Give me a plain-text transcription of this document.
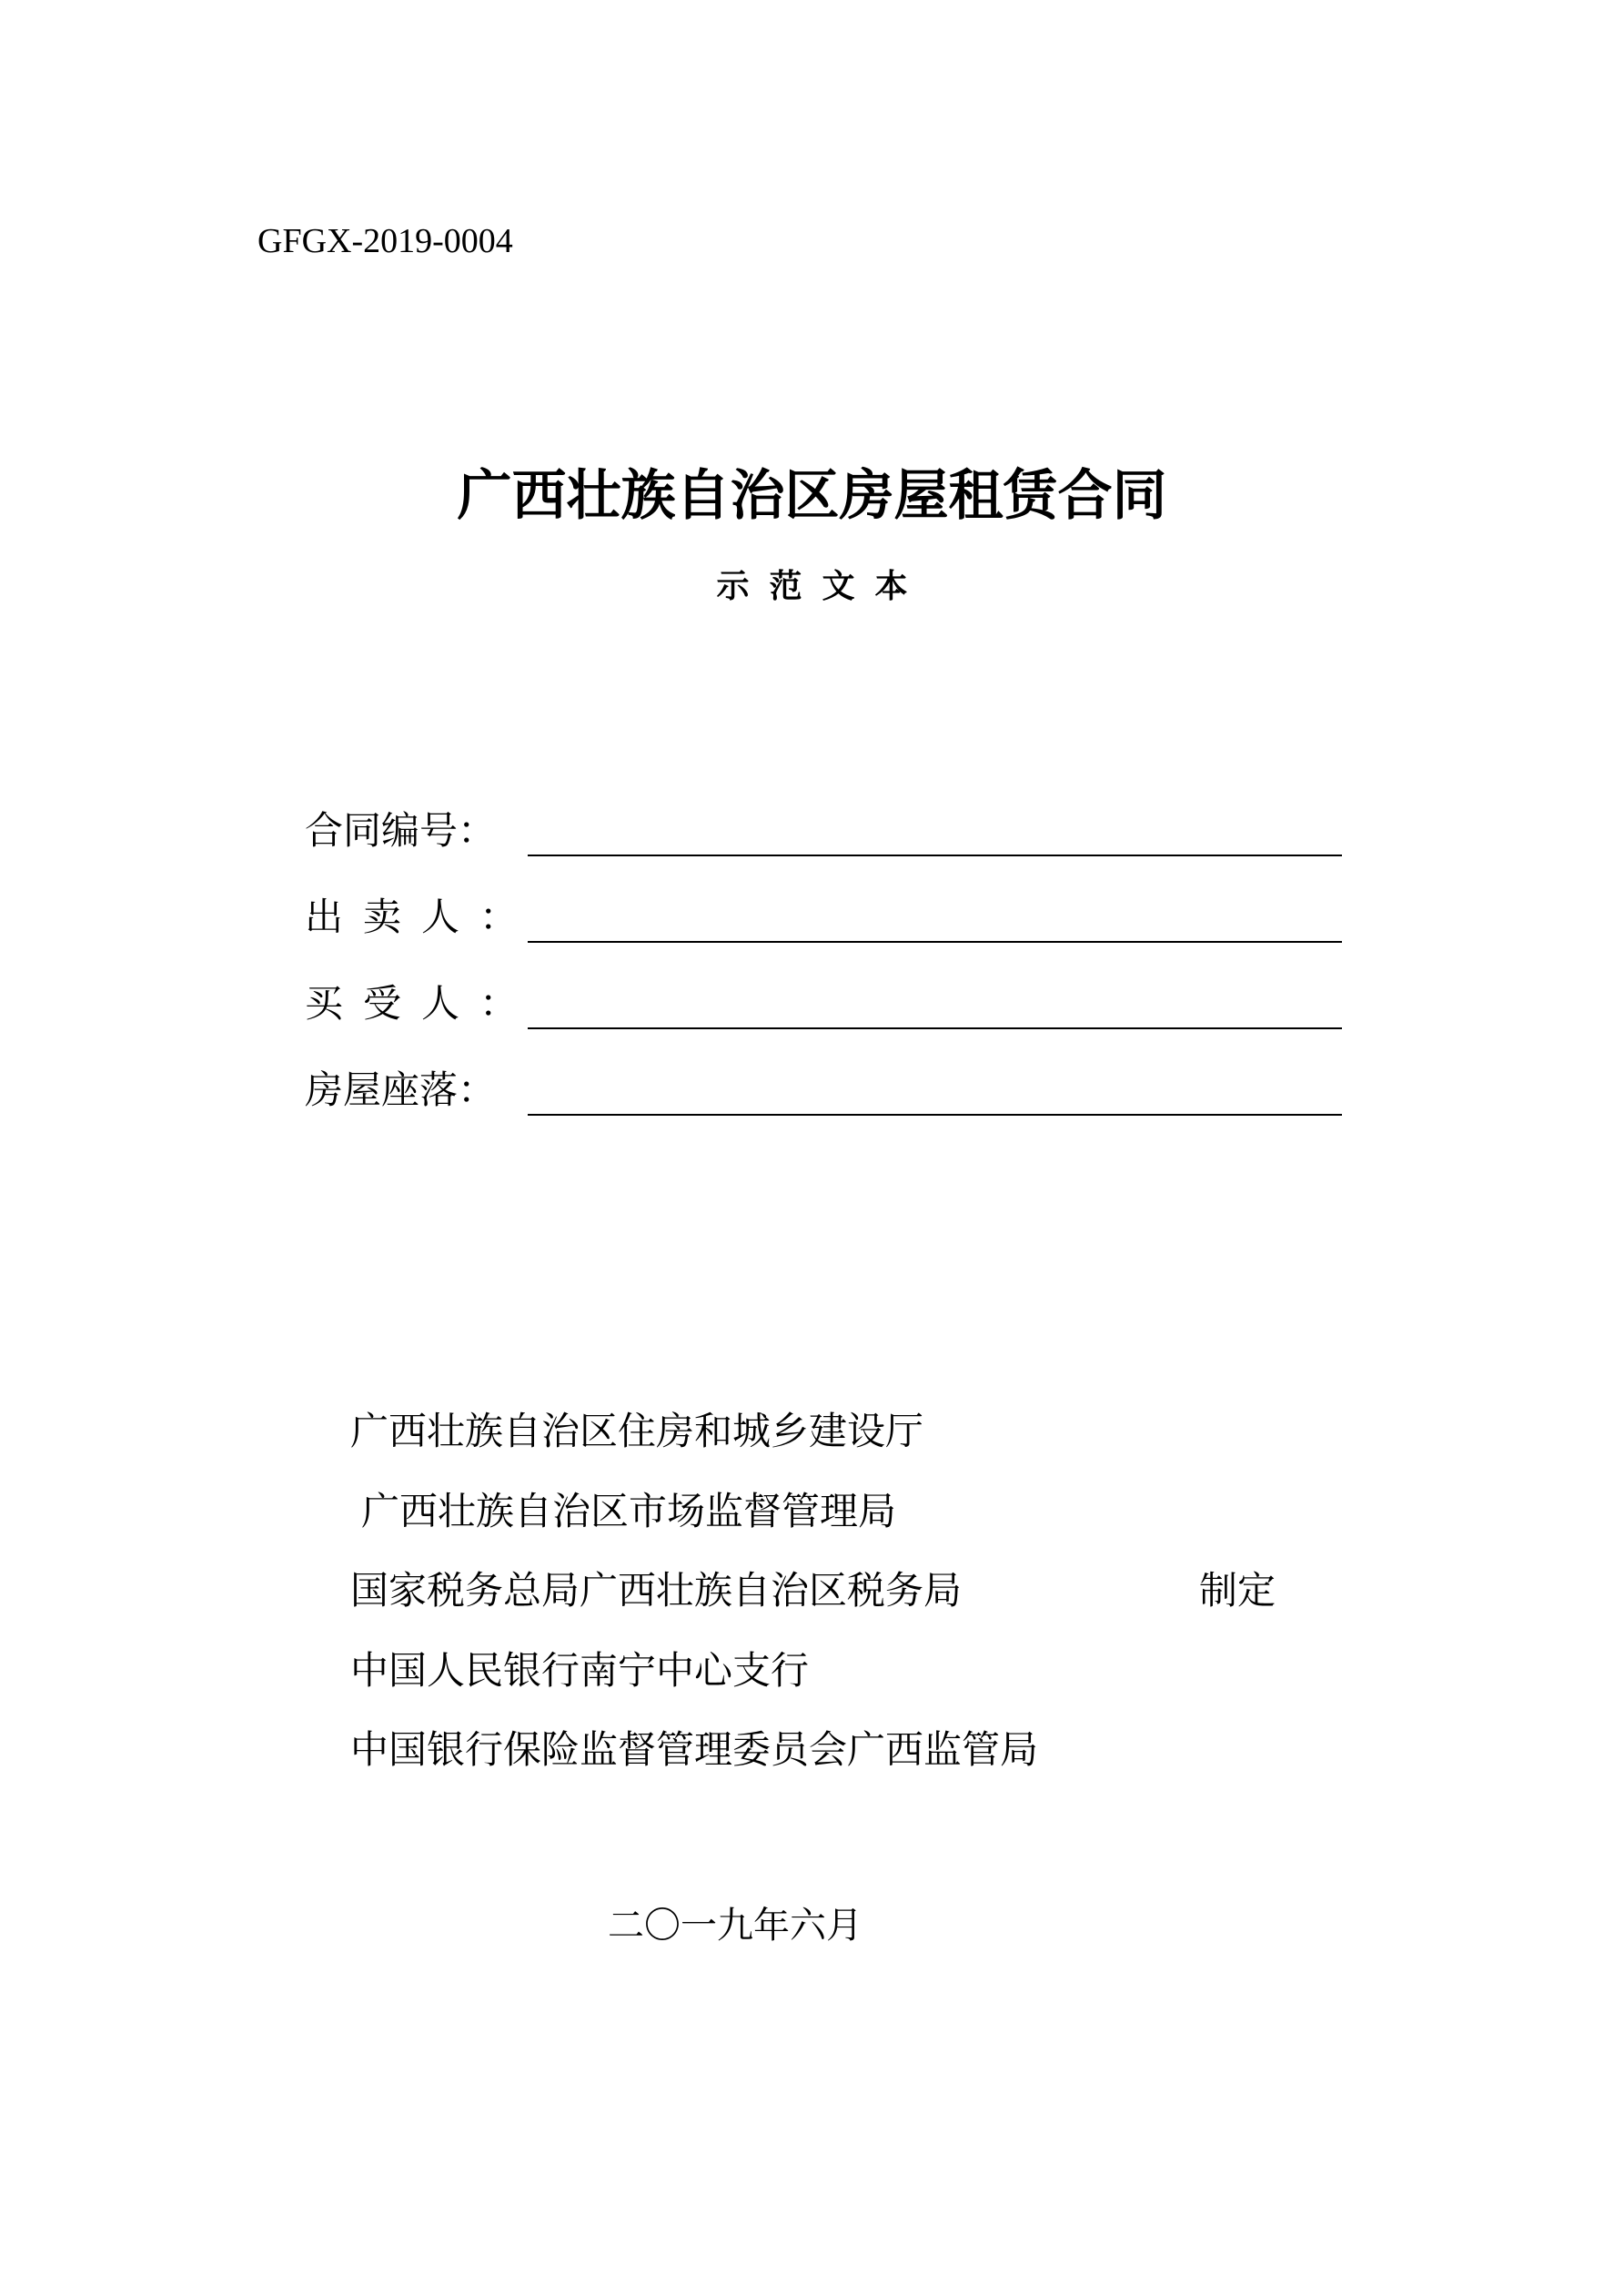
GFGX-2019-0004
广西壮族自治区房屋租赁合同
示范文本
合同编号：
出卖人：
买受人：
房屋座落：
广西壮族自治区住房和城乡建设厅
广西壮族自治区市场监督管理局
国家税务总局广西壮族自治区税务局
中国人民银行南宁中心支行
中国银行保险监督管理委员会广西监管局
制定
二〇一九年六月
